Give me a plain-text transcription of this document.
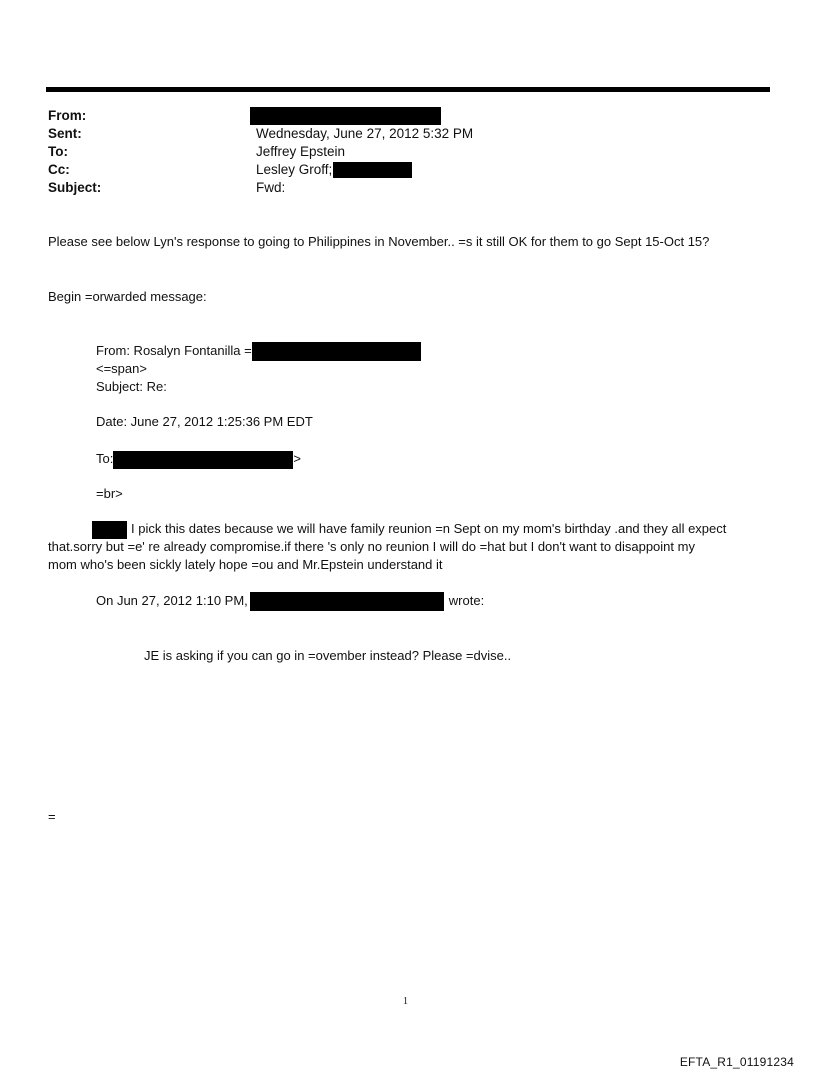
From:
Sent:
To:
Cc:
Subject:
Wednesday, June 27, 2012 5:32 PM
Jeffrey Epstein
Lesley Groff;
Fwd:
Please see below Lyn's response to going to Philippines in November.. =s it still OK for them to go Sept 15-Oct 15?
Begin =orwarded message:
From: Rosalyn Fontanilla =
<=span>
Subject: Re:
Date: June 27, 2012 1:25:36 PM EDT
To:	>
=br>
I pick this dates because we will have family reunion =n Sept on my mom's birthday .and they all expect
that.sorry but =e' re already compromise.if there 's only no reunion I will do =hat but I don't want to disappoint my
mom who's been sickly lately hope =ou and Mr.Epstein understand it
On Jun 27, 2012 1:10 PM,	wrote:
JE is asking if you can go in =ovember instead? Please =dvise..
=
1
EFTA_R1_01191234
